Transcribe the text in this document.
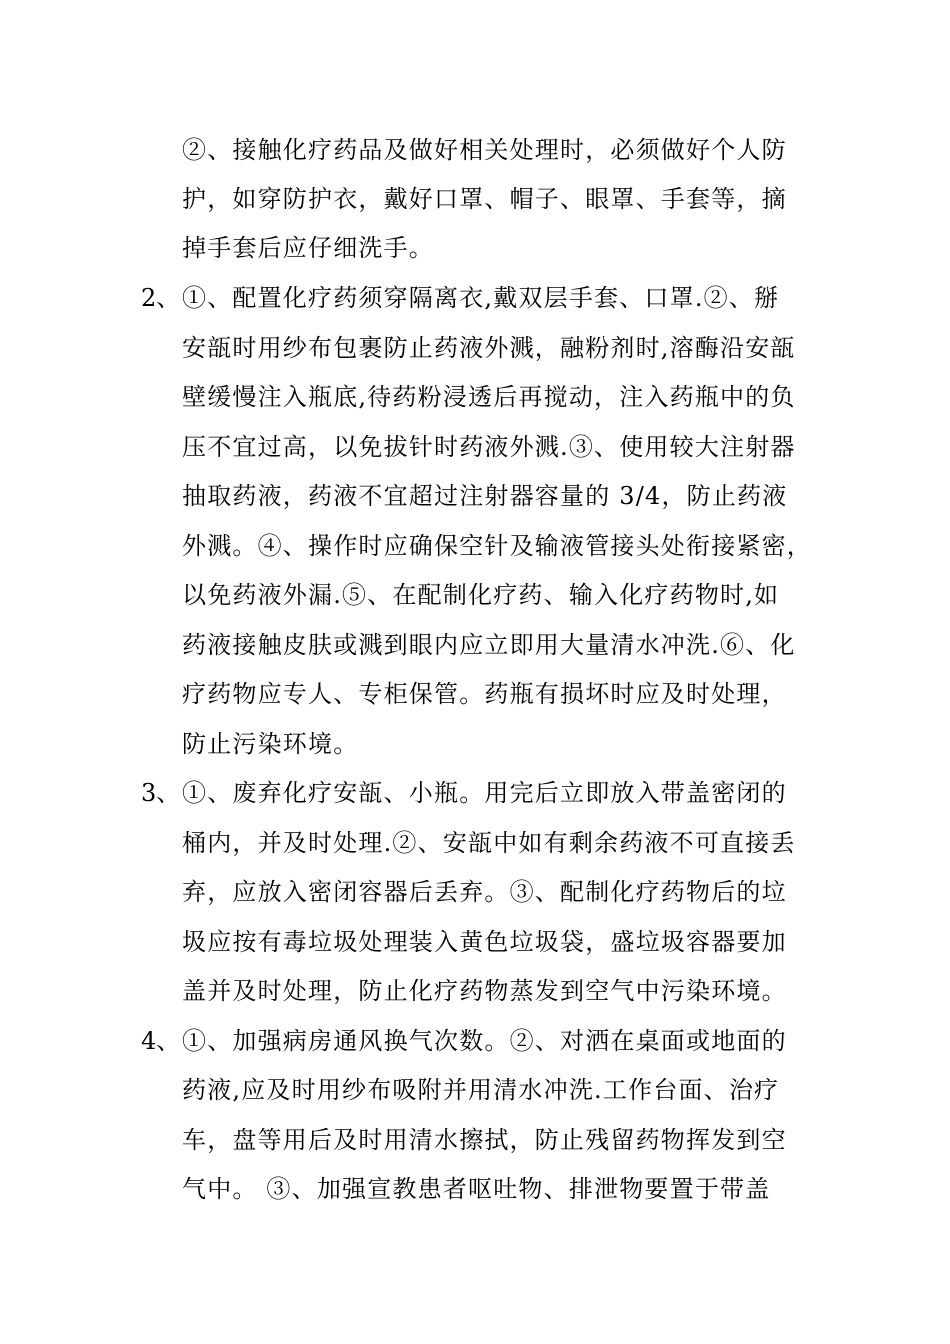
②、接触化疗药品及做好相关处理时，必须做好个人防
护，如穿防护衣，戴好口罩、帽子、眼罩、手套等，摘
掉手套后应仔细洗手。
2、 ①、配置化疗药须穿隔离衣,戴双层手套、口罩.②、掰
安瓿时用纱布包裹防止药液外溅，融粉剂时,溶酶沿安瓿
壁缓慢注入瓶底,待药粉浸透后再搅动，注入药瓶中的负
压不宜过高，以免拔针时药液外溅.③、使用较大注射器
抽取药液，药液不宜超过注射器容量的 3/4，防止药液
外溅。④、操作时应确保空针及输液管接头处衔接紧密，
以免药液外漏.⑤、在配制化疗药、输入化疗药物时,如
药液接触皮肤或溅到眼内应立即用大量清水冲洗.⑥、化
疗药物应专人、专柜保管。药瓶有损坏时应及时处理，
防止污染环境。
3、 ①、废弃化疗安瓿、小瓶。用完后立即放入带盖密闭的
桶内，并及时处理.②、安瓿中如有剩余药液不可直接丢
弃，应放入密闭容器后丢弃。③、配制化疗药物后的垃
圾应按有毒垃圾处理装入黄色垃圾袋，盛垃圾容器要加
盖并及时处理，防止化疗药物蒸发到空气中污染环境。
4、 ①、加强病房通风换气次数。②、对洒在桌面或地面的
药液,应及时用纱布吸附并用清水冲洗.工作台面、治疗
车，盘等用后及时用清水擦拭，防止残留药物挥发到空
气中。 ③、加强宣教患者呕吐物、排泄物要置于带盖
